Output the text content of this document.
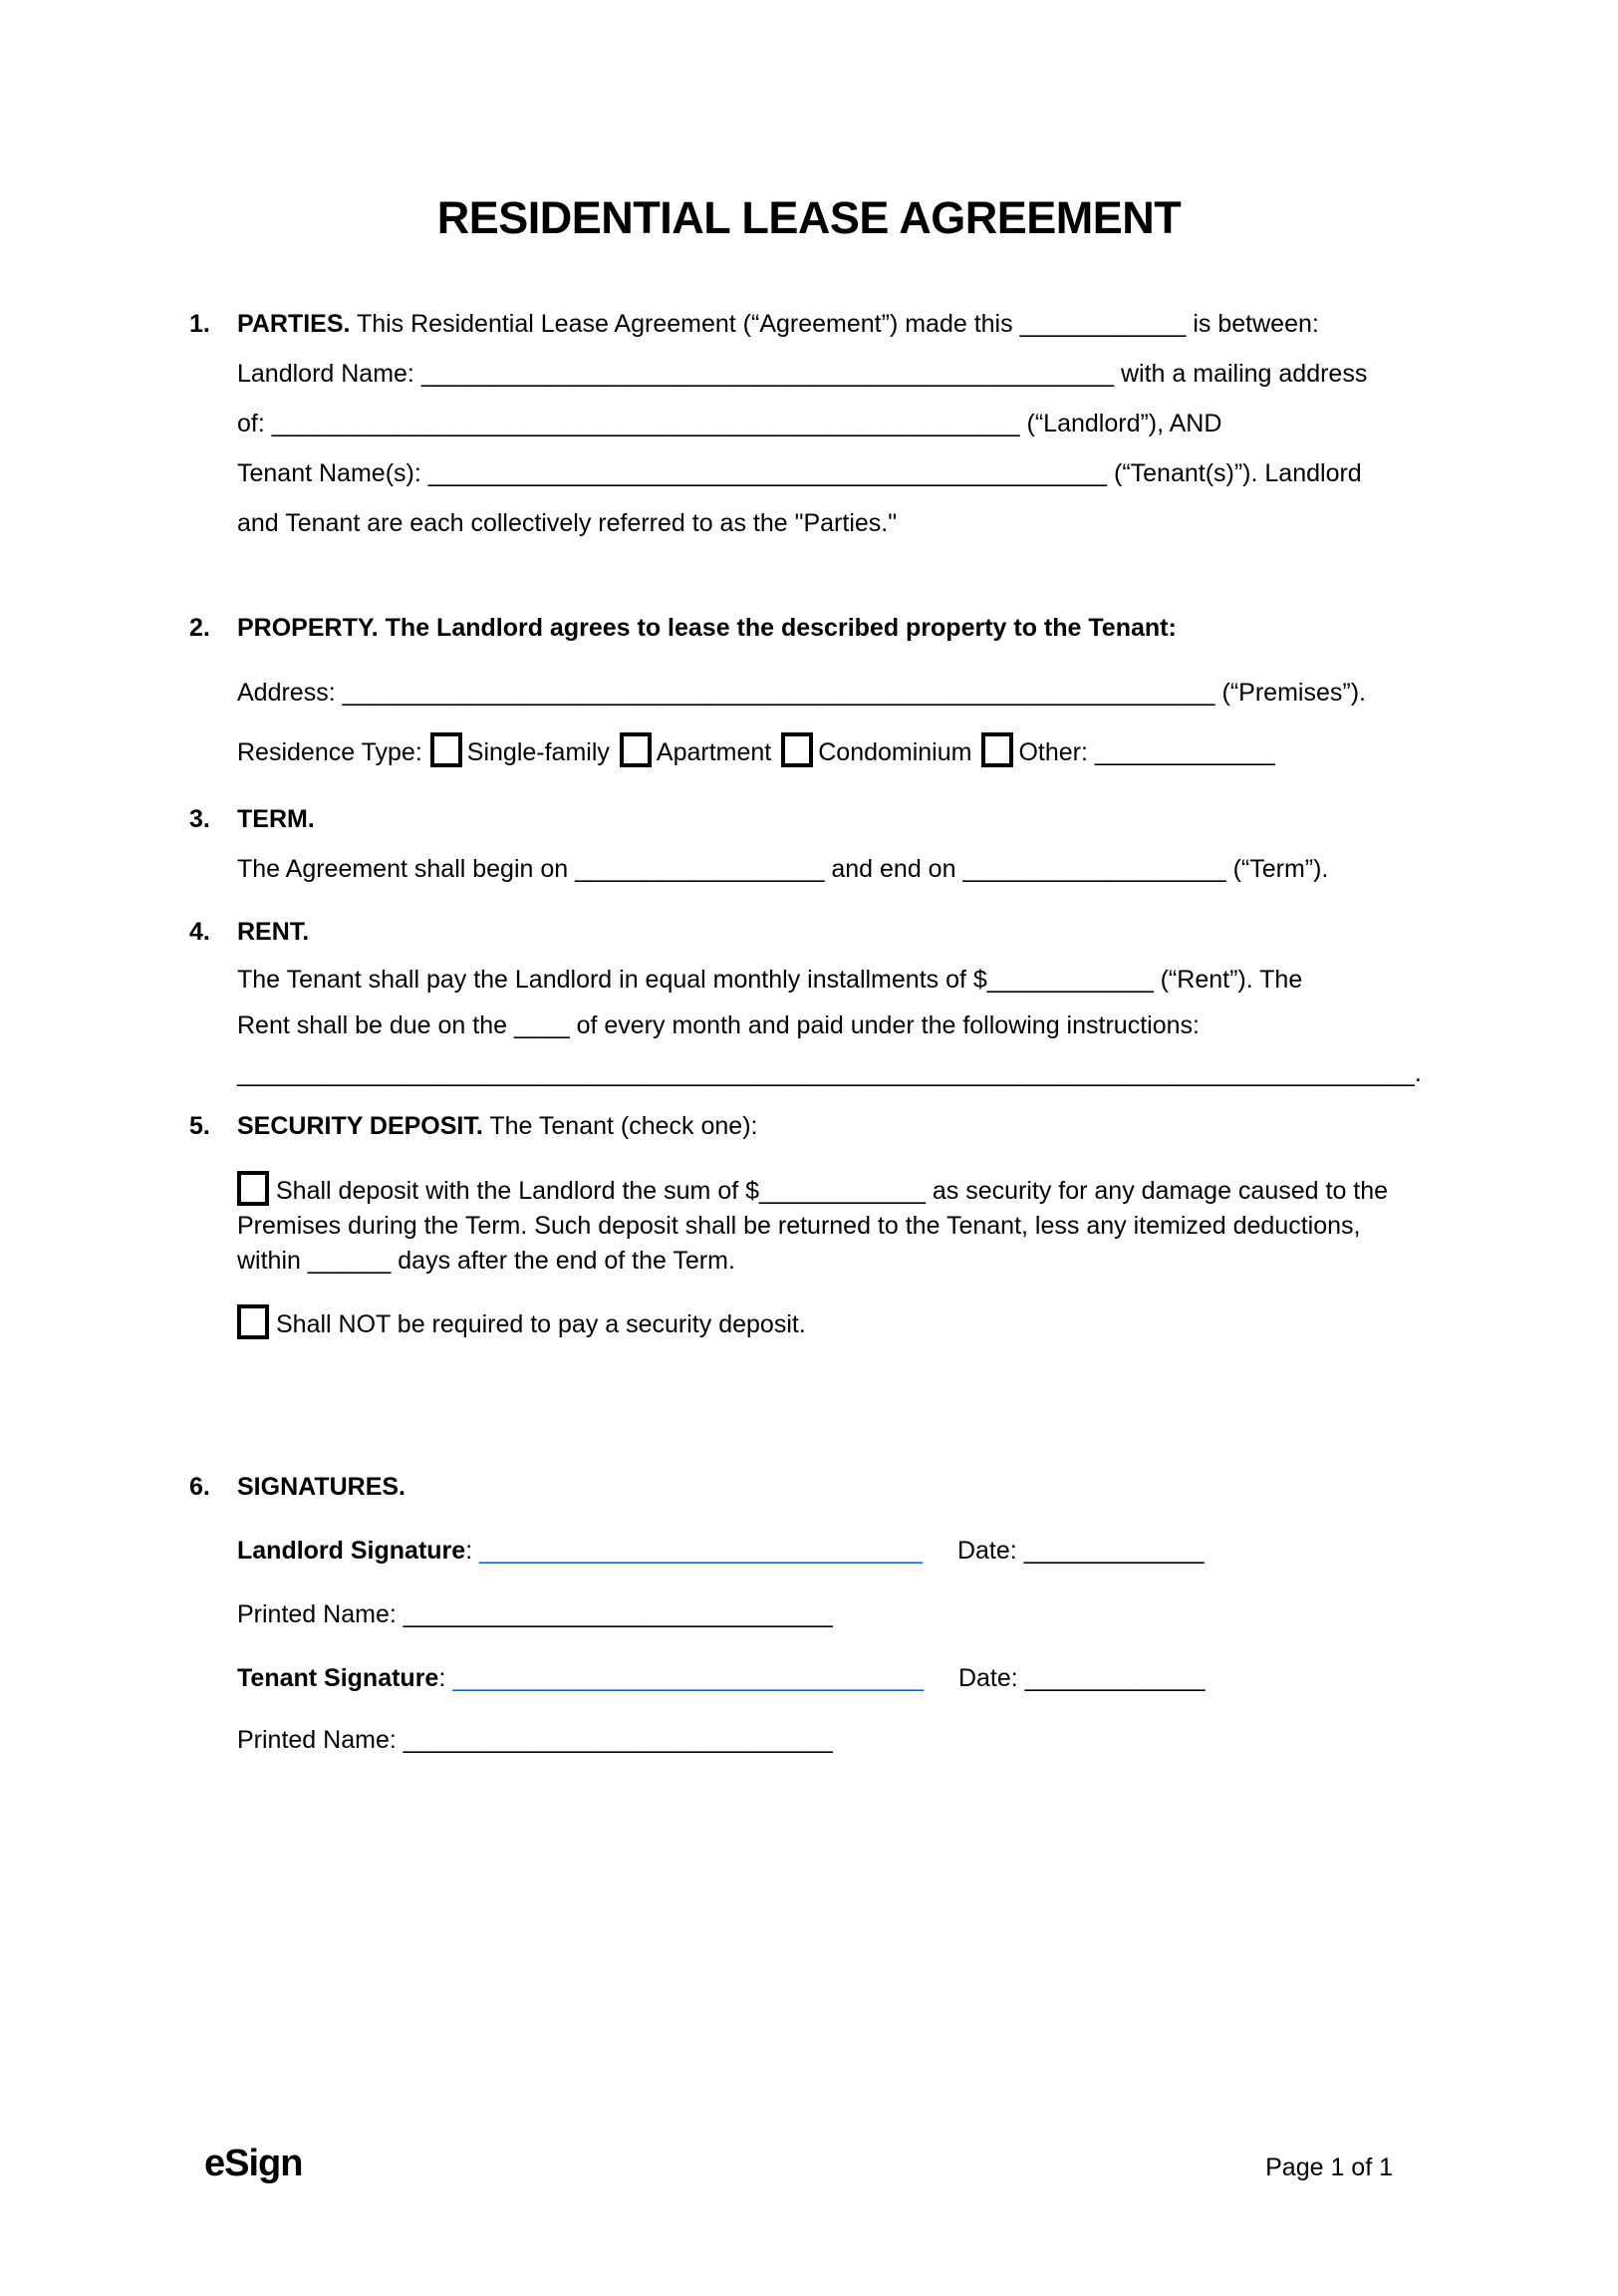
RESIDENTIAL LEASE AGREEMENT
1. PARTIES. This Residential Lease Agreement (“Agreement”) made this ____________ is between:
Landlord Name: __________________________________________________ with a mailing address
of: ______________________________________________________ (“Landlord”), AND
Tenant Name(s): _________________________________________________ (“Tenant(s)”). Landlord
and Tenant are each collectively referred to as the "Parties."
2. PROPERTY. The Landlord agrees to lease the described property to the Tenant:
Address: _______________________________________________________________ (“Premises”).
Residence Type: Single-family Apartment Condominium Other: _____________
3. TERM.
The Agreement shall begin on __________________ and end on ___________________ (“Term”).
4. RENT.
The Tenant shall pay the Landlord in equal monthly installments of $____________ (“Rent”). The
Rent shall be due on the ____ of every month and paid under the following instructions:
_____________________________________________________________________________________.
5. SECURITY DEPOSIT. The Tenant (check one):
Shall deposit with the Landlord the sum of $____________ as security for any damage caused to the Premises during the Term. Such deposit shall be returned to the Tenant, less any itemized deductions, within ______ days after the end of the Term.
Shall NOT be required to pay a security deposit.
6. SIGNATURES.
Landlord Signature: ________________________________ Date: _____________
Printed Name: _______________________________
Tenant Signature: __________________________________ Date: _____________
Printed Name: _______________________________
eSign	Page 1 of 1
